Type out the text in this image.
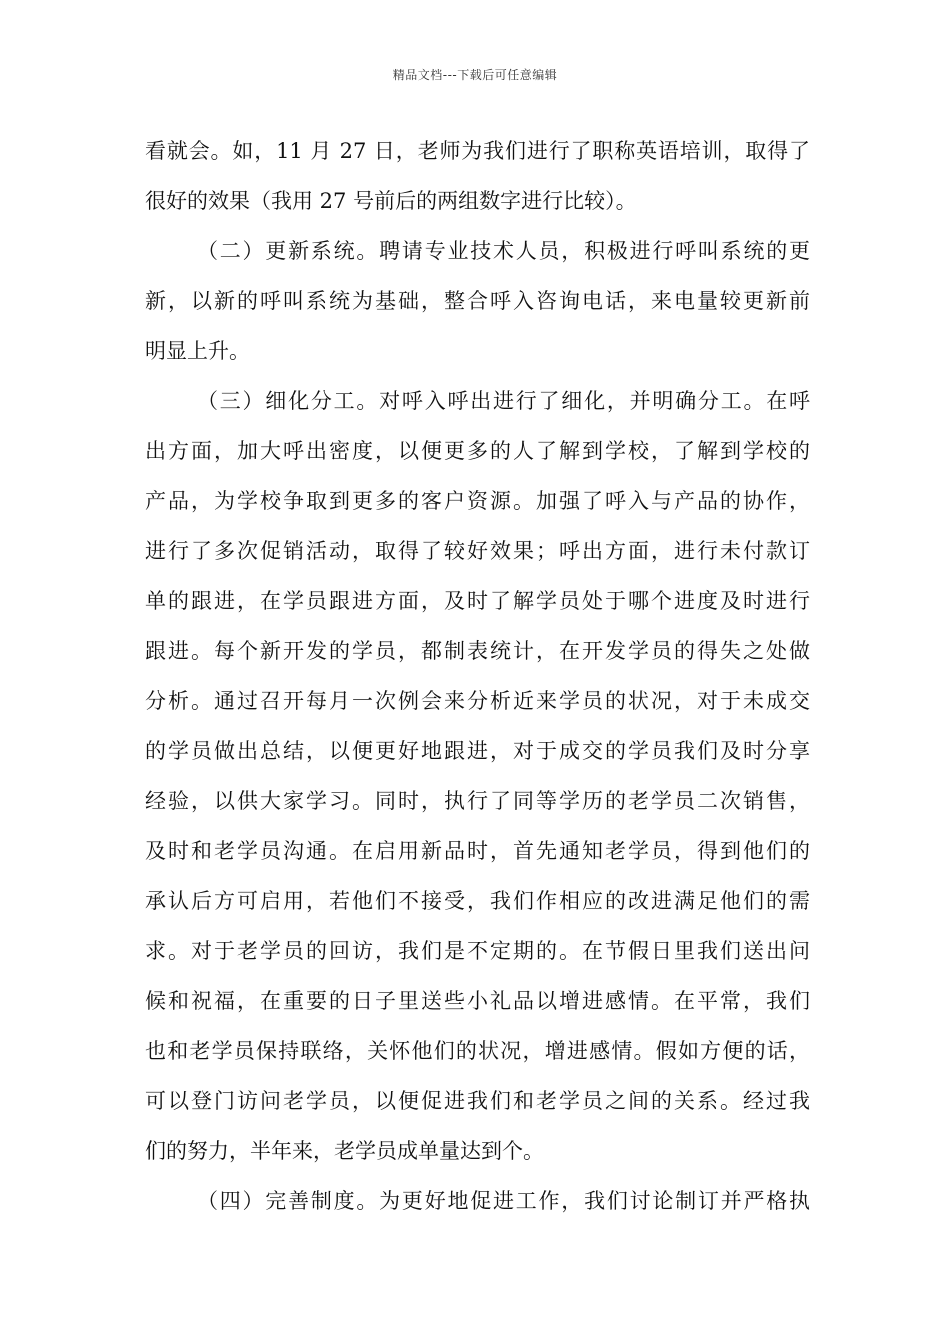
精品文档---下载后可任意编辑
看就会。如，11 月 27 日，老师为我们进行了职称英语培训，取得了
很好的效果（我用 27 号前后的两组数字进行比较）。
（二）更新系统。聘请专业技术人员，积极进行呼叫系统的更
新，以新的呼叫系统为基础，整合呼入咨询电话，来电量较更新前
明显上升。
（三）细化分工。对呼入呼出进行了细化，并明确分工。在呼
出方面，加大呼出密度，以便更多的人了解到学校，了解到学校的
产品，为学校争取到更多的客户资源。加强了呼入与产品的协作，
进行了多次促销活动，取得了较好效果；呼出方面，进行未付款订
单的跟进，在学员跟进方面，及时了解学员处于哪个进度及时进行
跟进。每个新开发的学员，都制表统计，在开发学员的得失之处做
分析。通过召开每月一次例会来分析近来学员的状况，对于未成交
的学员做出总结，以便更好地跟进，对于成交的学员我们及时分享
经验，以供大家学习。同时，执行了同等学历的老学员二次销售，
及时和老学员沟通。在启用新品时，首先通知老学员，得到他们的
承认后方可启用，若他们不接受，我们作相应的改进满足他们的需
求。对于老学员的回访，我们是不定期的。在节假日里我们送出问
候和祝福，在重要的日子里送些小礼品以增进感情。在平常，我们
也和老学员保持联络，关怀他们的状况，增进感情。假如方便的话，
可以登门访问老学员，以便促进我们和老学员之间的关系。经过我
们的努力，半年来，老学员成单量达到个。
（四）完善制度。为更好地促进工作，我们讨论制订并严格执
